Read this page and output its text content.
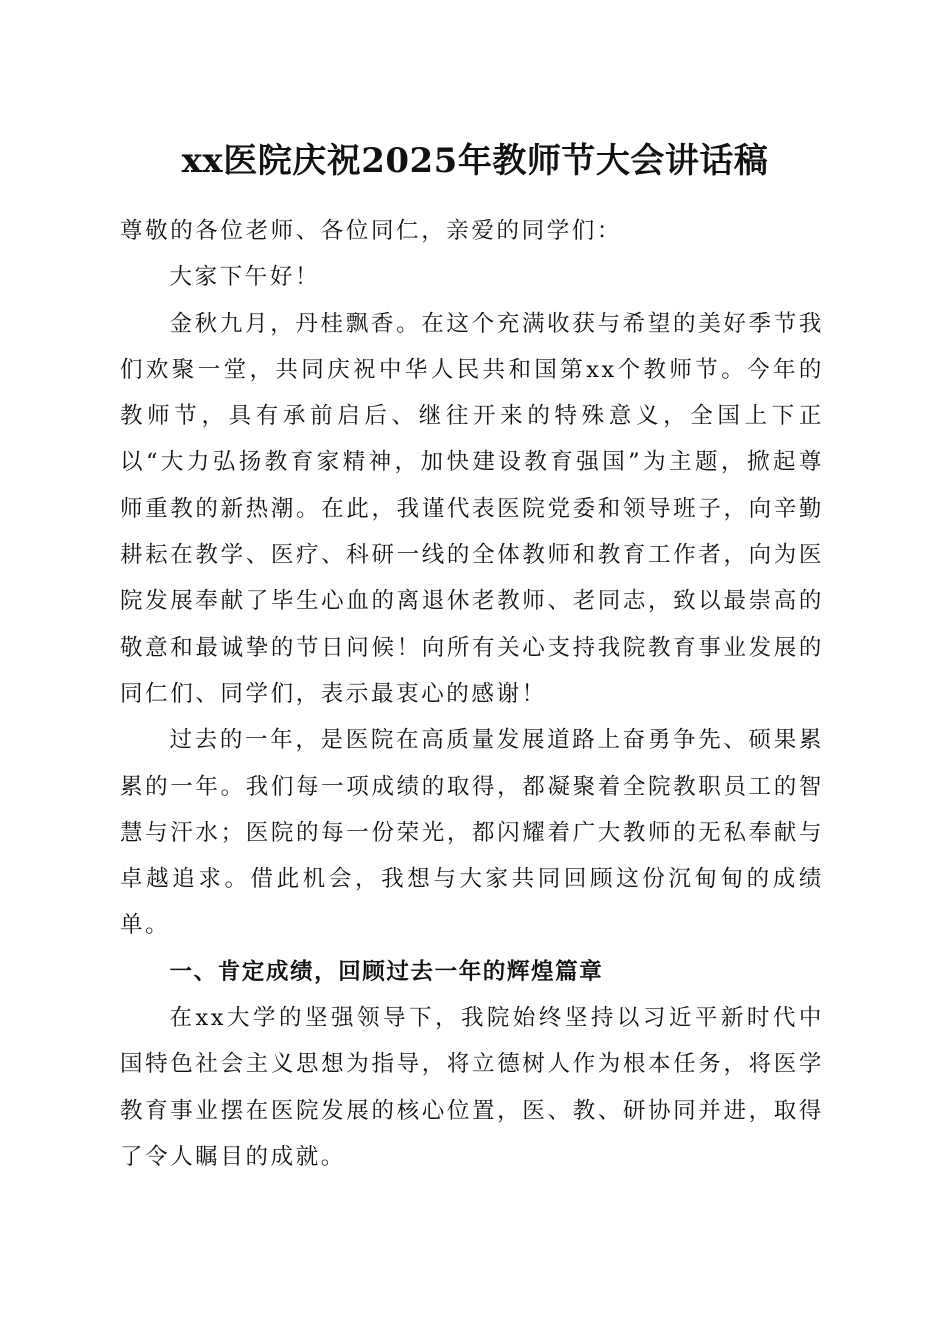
xx医院庆祝2025年教师节大会讲话稿

尊敬的各位老师、各位同仁，亲爱的同学们：

大家下午好！

金秋九月，丹桂飘香。在这个充满收获与希望的美好季节我们欢聚一堂，共同庆祝中华人民共和国第xx个教师节。今年的教师节，具有承前启后、继往开来的特殊意义，全国上下正以“大力弘扬教育家精神，加快建设教育强国”为主题，掀起尊师重教的新热潮。在此，我谨代表医院党委和领导班子，向辛勤耕耘在教学、医疗、科研一线的全体教师和教育工作者，向为医院发展奉献了毕生心血的离退休老教师、老同志，致以最崇高的敬意和最诚挚的节日问候！向所有关心支持我院教育事业发展的同仁们、同学们，表示最衷心的感谢！

过去的一年，是医院在高质量发展道路上奋勇争先、硕果累累的一年。我们每一项成绩的取得，都凝聚着全院教职员工的智慧与汗水；医院的每一份荣光，都闪耀着广大教师的无私奉献与卓越追求。借此机会，我想与大家共同回顾这份沉甸甸的成绩单。

一、肯定成绩，回顾过去一年的辉煌篇章

在xx大学的坚强领导下，我院始终坚持以习近平新时代中国特色社会主义思想为指导，将立德树人作为根本任务，将医学教育事业摆在医院发展的核心位置，医、教、研协同并进，取得了令人瞩目的成就。
